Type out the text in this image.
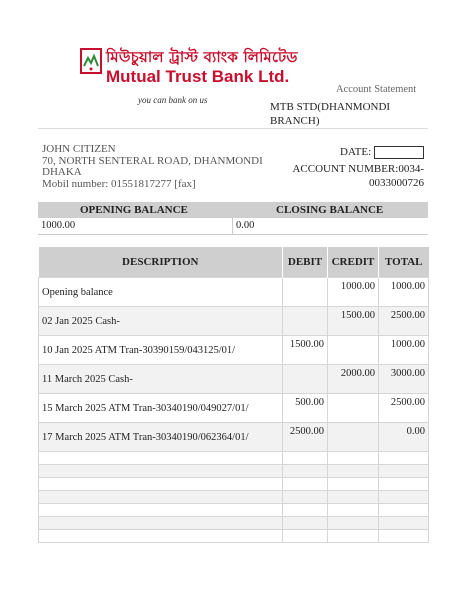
মিউচুয়াল ট্রাস্ট ব্যাংক লিমিটেড
Mutual Trust Bank Ltd.
you can bank on us
Account Statement
MTB STD(DHANMONDI BRANCH)
JOHN CITIZEN
70, NORTH SENTERAL ROAD, DHANMONDI DHAKA
Mobil number: 01551817277 [fax]
DATE:
ACCOUNT NUMBER:0034-0033000726
OPENING BALANCE	CLOSING BALANCE
1000.00	0.00
DESCRIPTION	DEBIT	CREDIT	TOTAL
Opening balance		1000.00	1000.00
02 Jan 2025 Cash-		1500.00	2500.00
10 Jan 2025 ATM Tran-30390159/043125/01/	1500.00		1000.00
11 March 2025 Cash-		2000.00	3000.00
15 March 2025 ATM Tran-30340190/049027/01/	500.00		2500.00
17 March 2025 ATM Tran-30340190/062364/01/	2500.00		0.00
